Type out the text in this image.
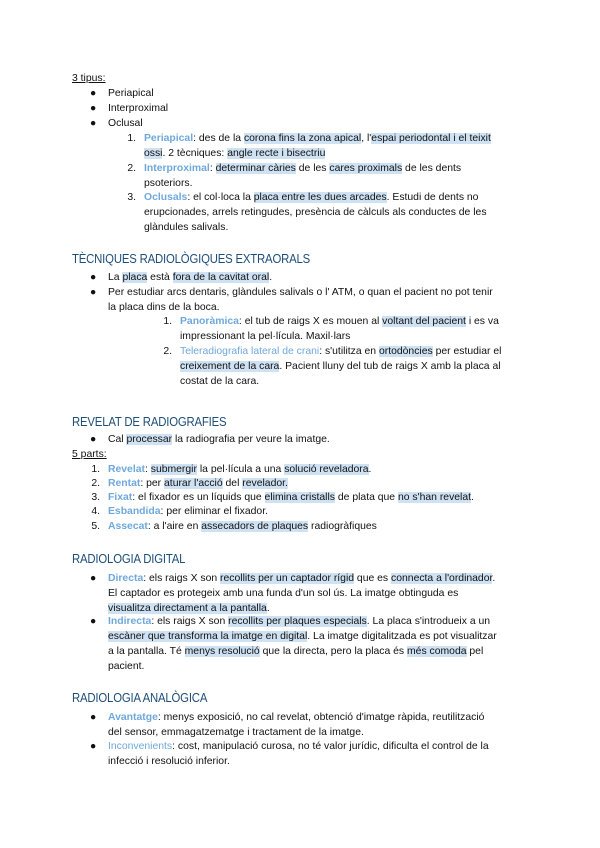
3 tipus:
● Periapical
● Interproximal
● Oclusal
1. Periapical: des de la corona fins la zona apical, l'espai periodontal i el teixit
ossi. 2 tècniques: angle recte i bisectriu
2. Interproximal: determinar càries de les cares proximals de les dents
psoteriors.
3. Oclusals: el col·loca la placa entre les dues arcades. Estudi de dents no
erupcionades, arrels retingudes, presència de càlculs als conductes de les
glàndules salivals.
TÈCNIQUES RADIOLÒGIQUES EXTRAORALS
● La placa està fora de la cavitat oral.
● Per estudiar arcs dentaris, glàndules salivals o l' ATM, o quan el pacient no pot tenir
la placa dins de la boca.
1. Panoràmica: el tub de raigs X es mouen al voltant del pacient i es va
impressionant la pel·lícula. Maxil·lars
2. Teleradiografia lateral de crani: s'utilitza en ortodòncies per estudiar el
creixement de la cara. Pacient lluny del tub de raigs X amb la placa al
costat de la cara.
REVELAT DE RADIOGRAFIES
● Cal processar la radiografia per veure la imatge.
5 parts:
1. Revelat: submergir la pel·lícula a una solució reveladora.
2. Rentat: per aturar l'acció del revelador.
3. Fixat: el fixador es un líquids que elimina cristalls de plata que no s'han revelat.
4. Esbandida: per eliminar el fixador.
5. Assecat: a l'aire en assecadors de plaques radiogràfiques
RADIOLOGIA DIGITAL
● Directa: els raigs X son recollits per un captador rígid que es connecta a l'ordinador.
El captador es protegeix amb una funda d'un sol ús. La imatge obtinguda es
visualitza directament a la pantalla.
● Indirecta: els raigs X son recollits per plaques especials. La placa s'introdueix a un
escàner que transforma la imatge en digital. La imatge digitalitzada es pot visualitzar
a la pantalla. Té menys resolució que la directa, pero la placa és més comoda pel
pacient.
RADIOLOGIA ANALÒGICA
● Avantatge: menys exposició, no cal revelat, obtenció d'imatge ràpida, reutilització
del sensor, emmagatzematge i tractament de la imatge.
● Inconvenients: cost, manipulació curosa, no té valor jurídic, dificulta el control de la
infecció i resolució inferior.
